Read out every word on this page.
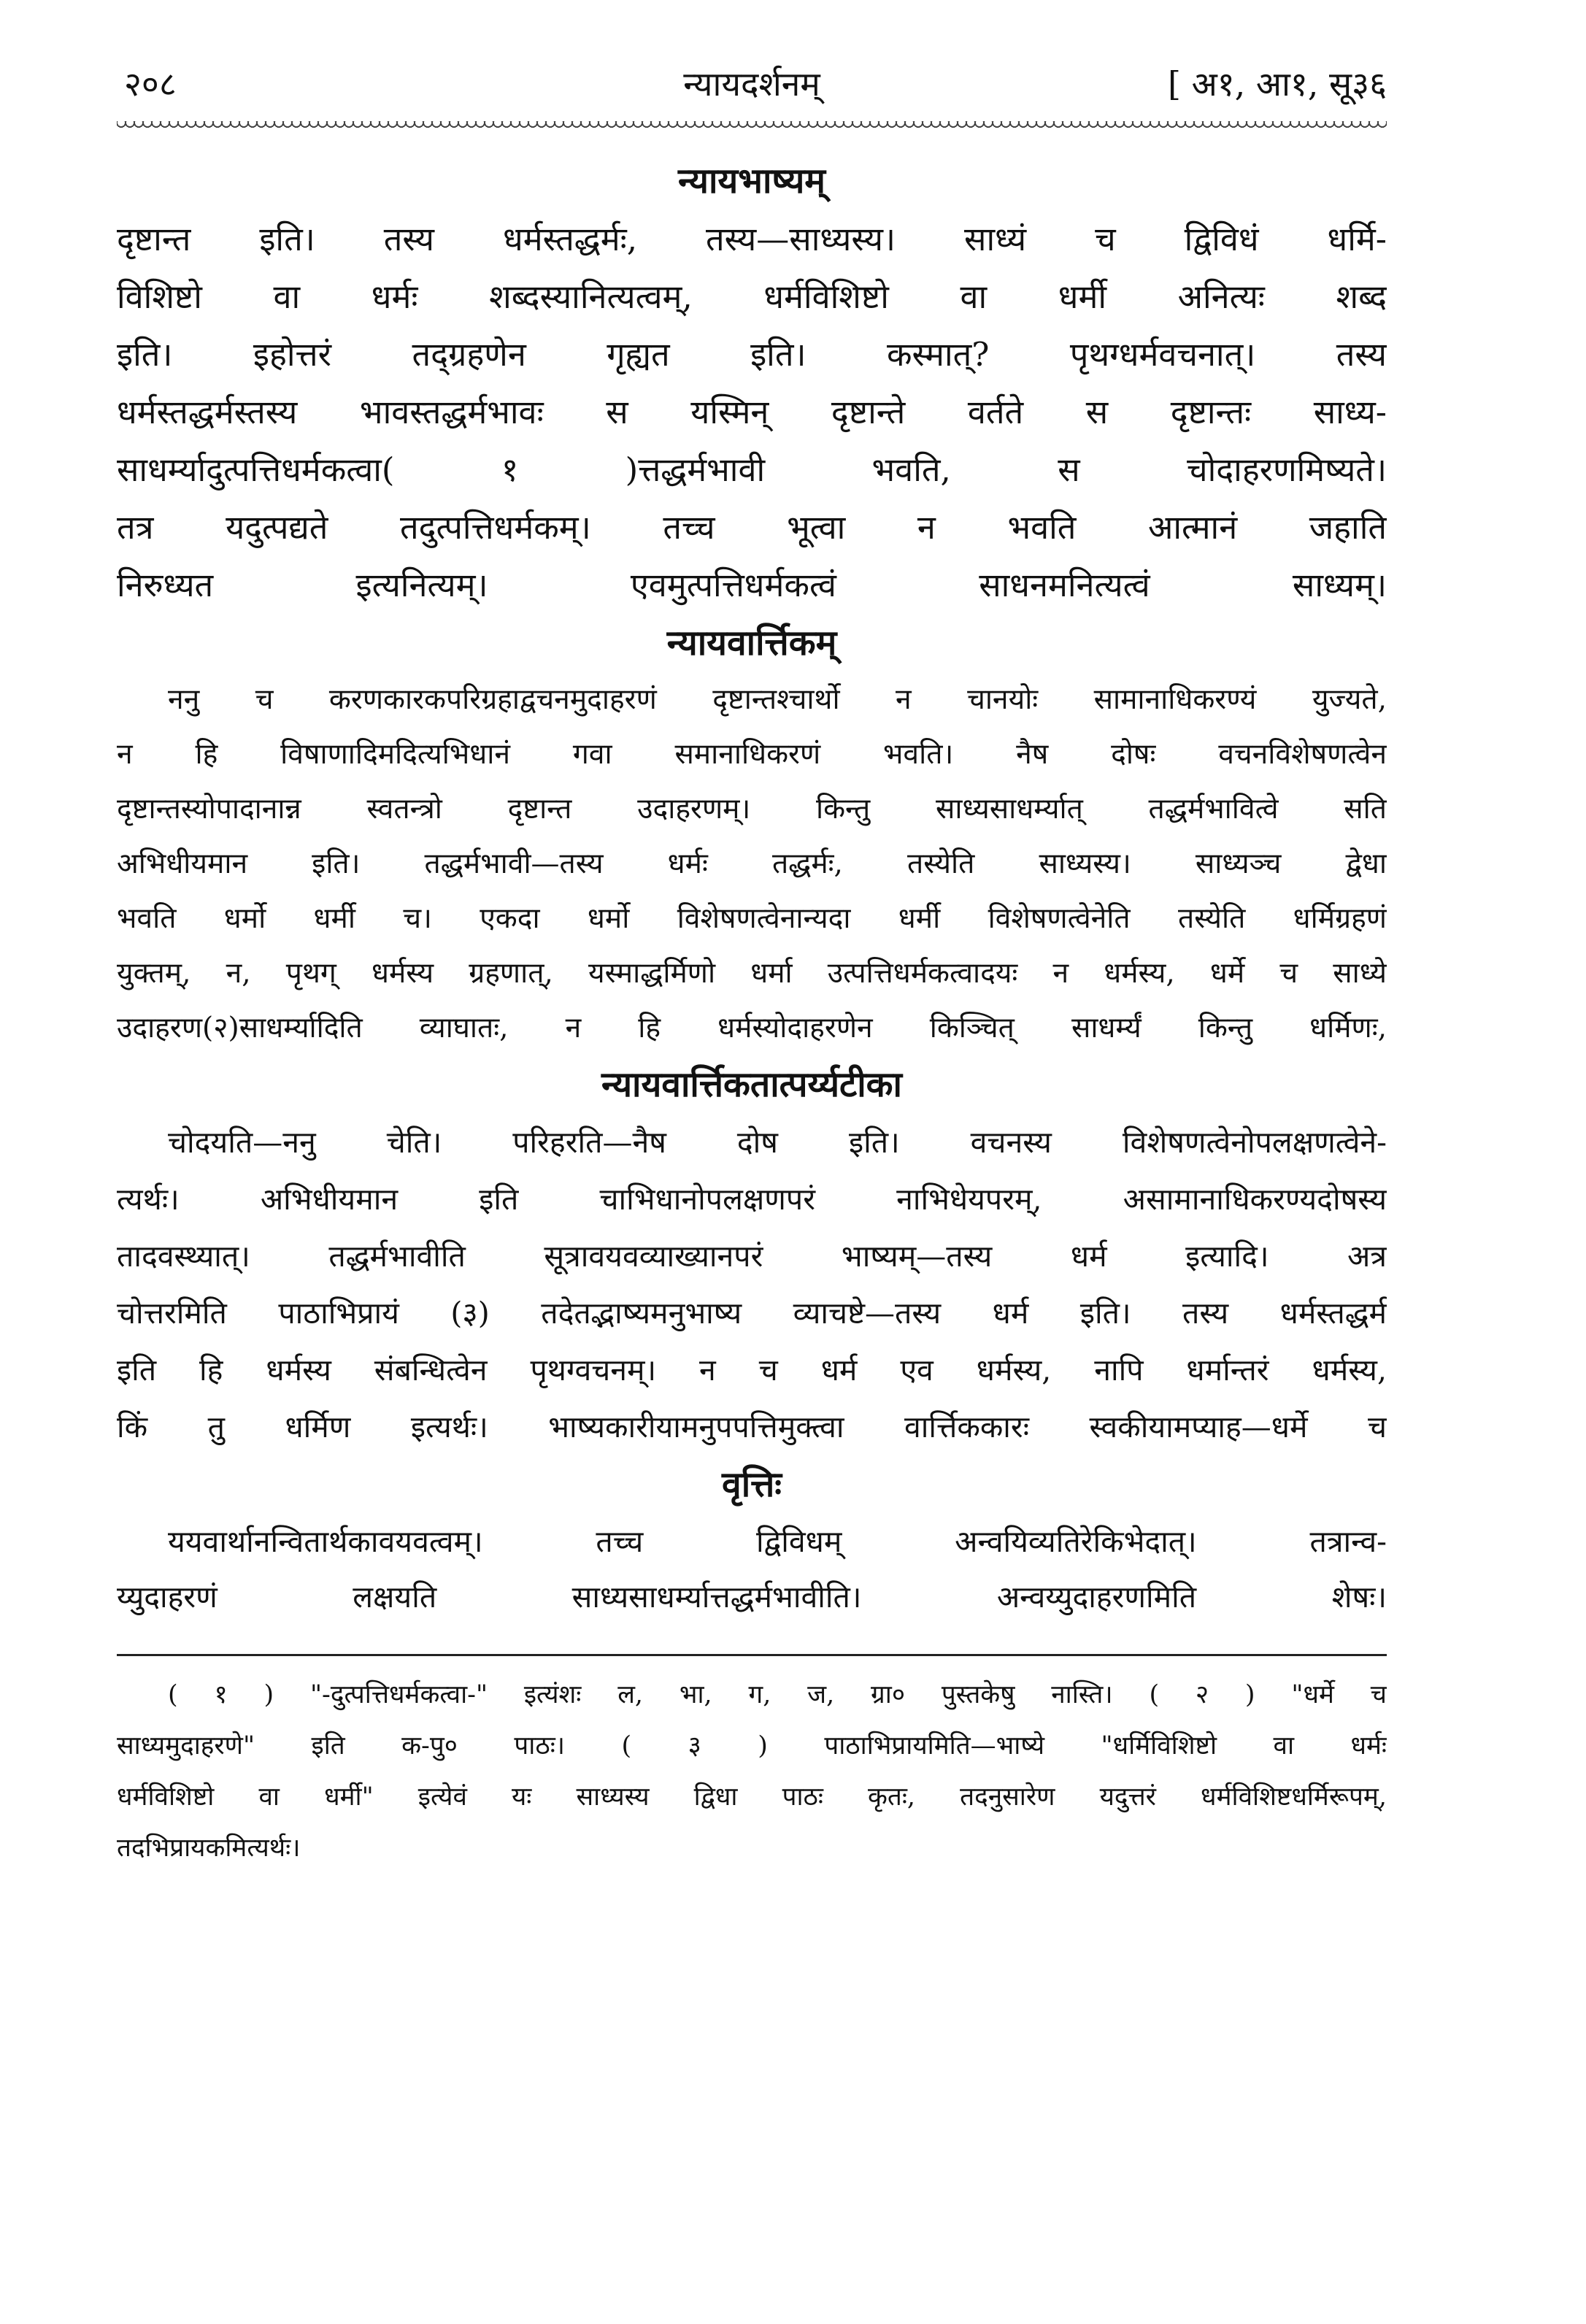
२०८	न्यायदर्शनम्	[ अ१, आ१, सू३६
न्यायभाष्यम्
दृष्टान्त इति। तस्य धर्मस्तद्धर्मः, तस्य—साध्यस्य। साध्यं च द्विविधं धर्मि-
विशिष्टो वा धर्मः शब्दस्यानित्यत्वम्, धर्मविशिष्टो वा धर्मी अनित्यः शब्द
इति। इहोत्तरं तद्ग्रहणेन गृह्यत इति। कस्मात्? पृथग्धर्मवचनात्। तस्य
धर्मस्तद्धर्मस्तस्य भावस्तद्धर्मभावः स यस्मिन् दृष्टान्ते वर्तते स दृष्टान्तः साध्य-
साधर्म्यादुत्पत्तिधर्मकत्वा( १ )त्तद्धर्मभावी भवति, स चोदाहरणमिष्यते।
तत्र यदुत्पद्यते तदुत्पत्तिधर्मकम्। तच्च भूत्वा न भवति आत्मानं जहाति
निरुध्यत इत्यनित्यम्। एवमुत्पत्तिधर्मकत्वं साधनमनित्यत्वं साध्यम्।
न्यायवार्त्तिकम्
ननु च करणकारकपरिग्रहाद्वचनमुदाहरणं दृष्टान्तश्चार्थो न चानयोः सामानाधिकरण्यं युज्यते,
न हि विषाणादिमदित्यभिधानं गवा समानाधिकरणं भवति। नैष दोषः वचनविशेषणत्वेन
दृष्टान्तस्योपादानान्न स्वतन्त्रो दृष्टान्त उदाहरणम्। किन्तु साध्यसाधर्म्यात् तद्धर्मभावित्वे सति
अभिधीयमान इति। तद्धर्मभावी—तस्य धर्मः तद्धर्मः, तस्येति साध्यस्य। साध्यञ्च द्वेधा
भवति धर्मो धर्मी च। एकदा धर्मो विशेषणत्वेनान्यदा धर्मी विशेषणत्वेनेति तस्येति धर्मिग्रहणं
युक्तम्, न, पृथग् धर्मस्य ग्रहणात्, यस्माद्धर्मिणो धर्मा उत्पत्तिधर्मकत्वादयः न धर्मस्य, धर्मे च साध्ये
उदाहरण(२)साधर्म्यादिति व्याघातः, न हि धर्मस्योदाहरणेन किञ्चित् साधर्म्यं किन्तु धर्मिणः,
न्यायवार्त्तिकतात्पर्य्यटीका
चोदयति—ननु चेति। परिहरति—नैष दोष इति। वचनस्य विशेषणत्वेनोपलक्षणत्वेने-
त्यर्थः। अभिधीयमान इति चाभिधानोपलक्षणपरं नाभिधेयपरम्, असामानाधिकरण्यदोषस्य
तादवस्थ्यात्। तद्धर्मभावीति सूत्रावयवव्याख्यानपरं भाष्यम्—तस्य धर्म इत्यादि। अत्र
चोत्तरमिति पाठाभिप्रायं (३) तदेतद्भाष्यमनुभाष्य व्याचष्टे—तस्य धर्म इति। तस्य धर्मस्तद्धर्म
इति हि धर्मस्य संबन्धित्वेन पृथग्वचनम्। न च धर्म एव धर्मस्य, नापि धर्मान्तरं धर्मस्य,
किं तु धर्मिण इत्यर्थः। भाष्यकारीयामनुपपत्तिमुक्त्वा वार्त्तिककारः स्वकीयामप्याह—धर्मे च
वृत्तिः
ययवार्थानन्वितार्थकावयवत्वम्। तच्च द्विविधम् अन्वयिव्यतिरेकिभेदात्। तत्रान्व-
य्युदाहरणं लक्षयति साध्यसाधर्म्यात्तद्धर्मभावीति। अन्वय्युदाहरणमिति शेषः।
( १ ) "-दुत्पत्तिधर्मकत्वा-" इत्यंशः ल, भा, ग, ज, ग्रा० पुस्तकेषु नास्ति। ( २ ) "धर्मे च
साध्यमुदाहरणे" इति क-पु० पाठः। ( ३ ) पाठाभिप्रायमिति—भाष्ये "धर्मिविशिष्टो वा धर्मः
धर्मविशिष्टो वा धर्मी" इत्येवं यः साध्यस्य द्विधा पाठः कृतः, तदनुसारेण यदुत्तरं धर्मविशिष्टधर्मिरूपम्,
तदभिप्रायकमित्यर्थः।
